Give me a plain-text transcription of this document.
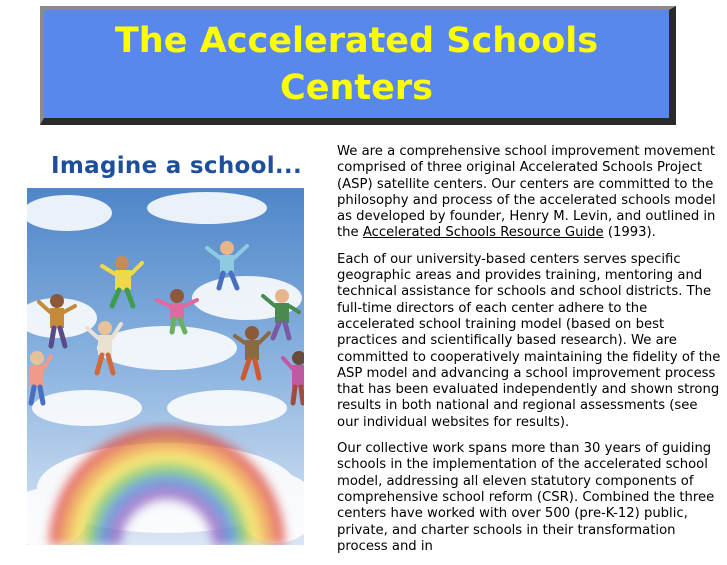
The Accelerated Schools
Centers
Imagine a school...

We are a comprehensive school improvement movement comprised of three original Accelerated Schools Project (ASP) satellite centers. Our centers are committed to the philosophy and process of the accelerated schools model as developed by founder, Henry M. Levin, and outlined in the Accelerated Schools Resource Guide (1993).

Each of our university-based centers serves specific geographic areas and provides training, mentoring and technical assistance for schools and school districts. The full-time directors of each center adhere to the accelerated school training model (based on best practices and scientifically based research). We are committed to cooperatively maintaining the fidelity of the ASP model and advancing a school improvement process that has been evaluated independently and shown strong results in both national and regional assessments (see our individual websites for results).

Our collective work spans more than 30 years of guiding schools in the implementation of the accelerated school model, addressing all eleven statutory components of comprehensive school reform (CSR). Combined the three centers have worked with over 500 (pre-K-12) public, private, and charter schools in their transformation process and in
